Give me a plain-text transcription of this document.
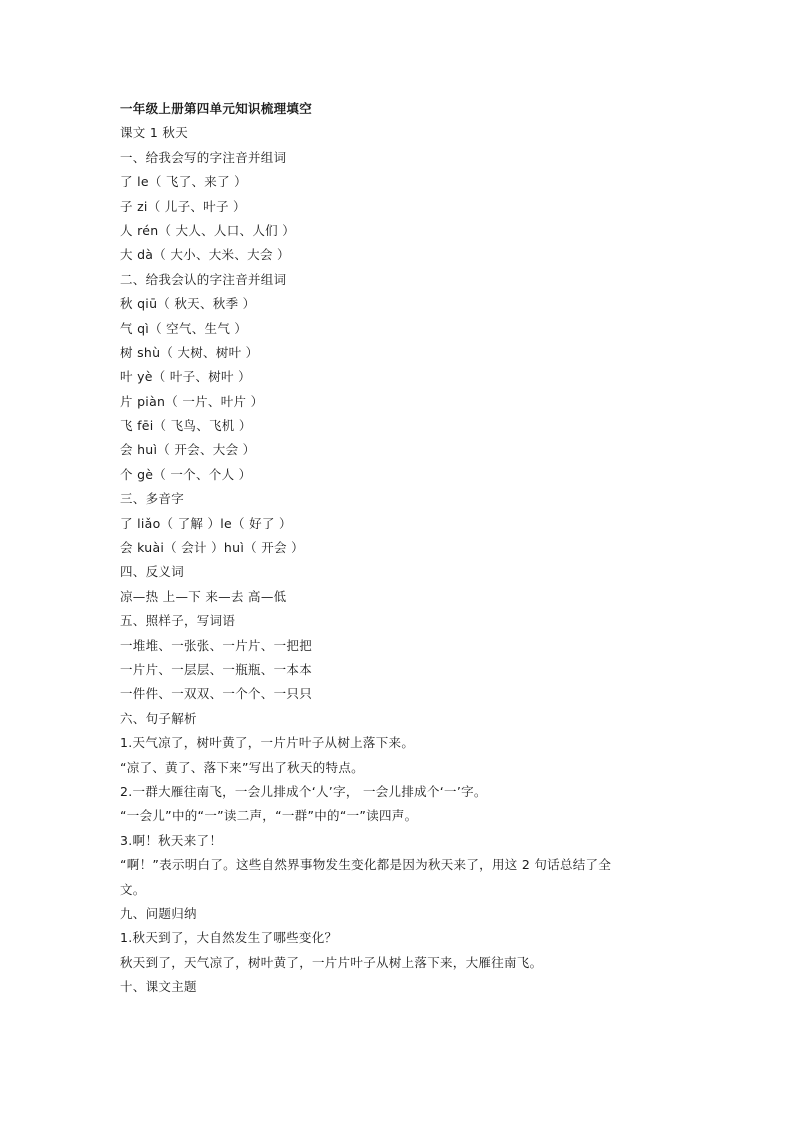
一年级上册第四单元知识梳理填空
课文 1 秋天
一、给我会写的字注音并组词
了 le（ 飞了、来了 ）
子 zi（ 儿子、叶子 ）
人 rén（ 大人、人口、人们 ）
大 dà（ 大小、大米、大会 ）
二、给我会认的字注音并组词
秋 qiū（ 秋天、秋季 ）
气 qì（ 空气、生气 ）
树 shù（ 大树、树叶 ）
叶 yè（ 叶子、树叶 ）
片 piàn（ 一片、叶片 ）
飞 fēi（ 飞鸟、飞机 ）
会 huì（ 开会、大会 ）
个 gè（ 一个、个人 ）
三、多音字
了 liǎo（ 了解 ）le（ 好了 ）
会 kuài（ 会计 ）huì（ 开会 ）
四、反义词
凉—热 上—下 来—去 高—低
五、照样子，写词语
一堆堆、一张张、一片片、一把把
一片片、一层层、一瓶瓶、一本本
一件件、一双双、一个个、一只只
六、句子解析
1.天气凉了，树叶黄了，一片片叶子从树上落下来。
“凉了、黄了、落下来”写出了秋天的特点。
2.一群大雁往南飞，一会儿排成个‘人’字， 一会儿排成个‘一’字。
“一会儿”中的“一”读二声，“一群”中的“一”读四声。
3.啊！秋天来了！
“啊！”表示明白了。这些自然界事物发生变化都是因为秋天来了，用这 2 句话总结了全
文。
九、问题归纳
1.秋天到了，大自然发生了哪些变化？
秋天到了，天气凉了，树叶黄了，一片片叶子从树上落下来，大雁往南飞。
十、课文主题
